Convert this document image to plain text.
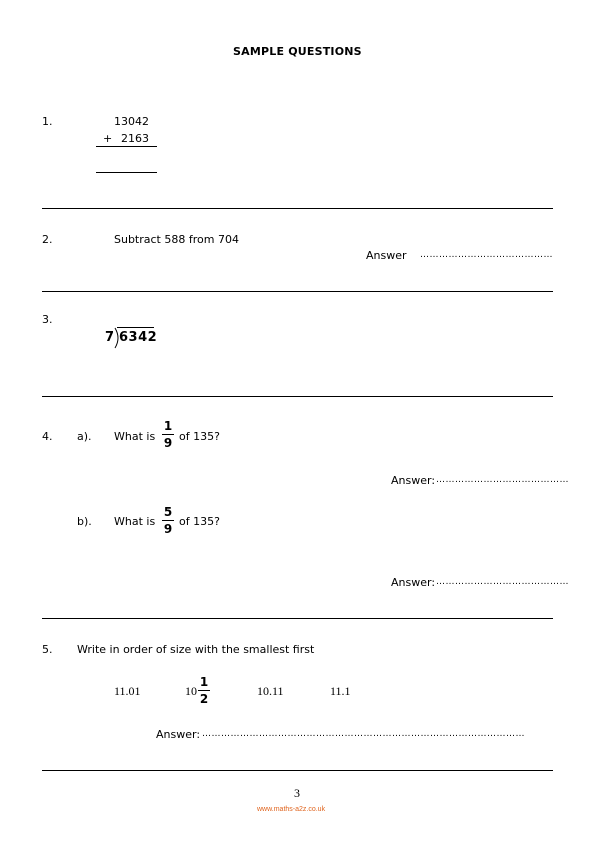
SAMPLE QUESTIONS
1.	13042
+ 2163
2.	Subtract 588 from 704
Answer ……………………………………
3.
7 6342
4. a). What is
1
9 of 135?
Answer: ……………………………………
b). What is
5
9
of 135?
Answer: ……………………………………
5. Write in order of size with the smallest first
11.01	10
1
2
10.11	11.1
Answer: …………………………………………………………………………………………
3
www.maths-a2z.co.uk
